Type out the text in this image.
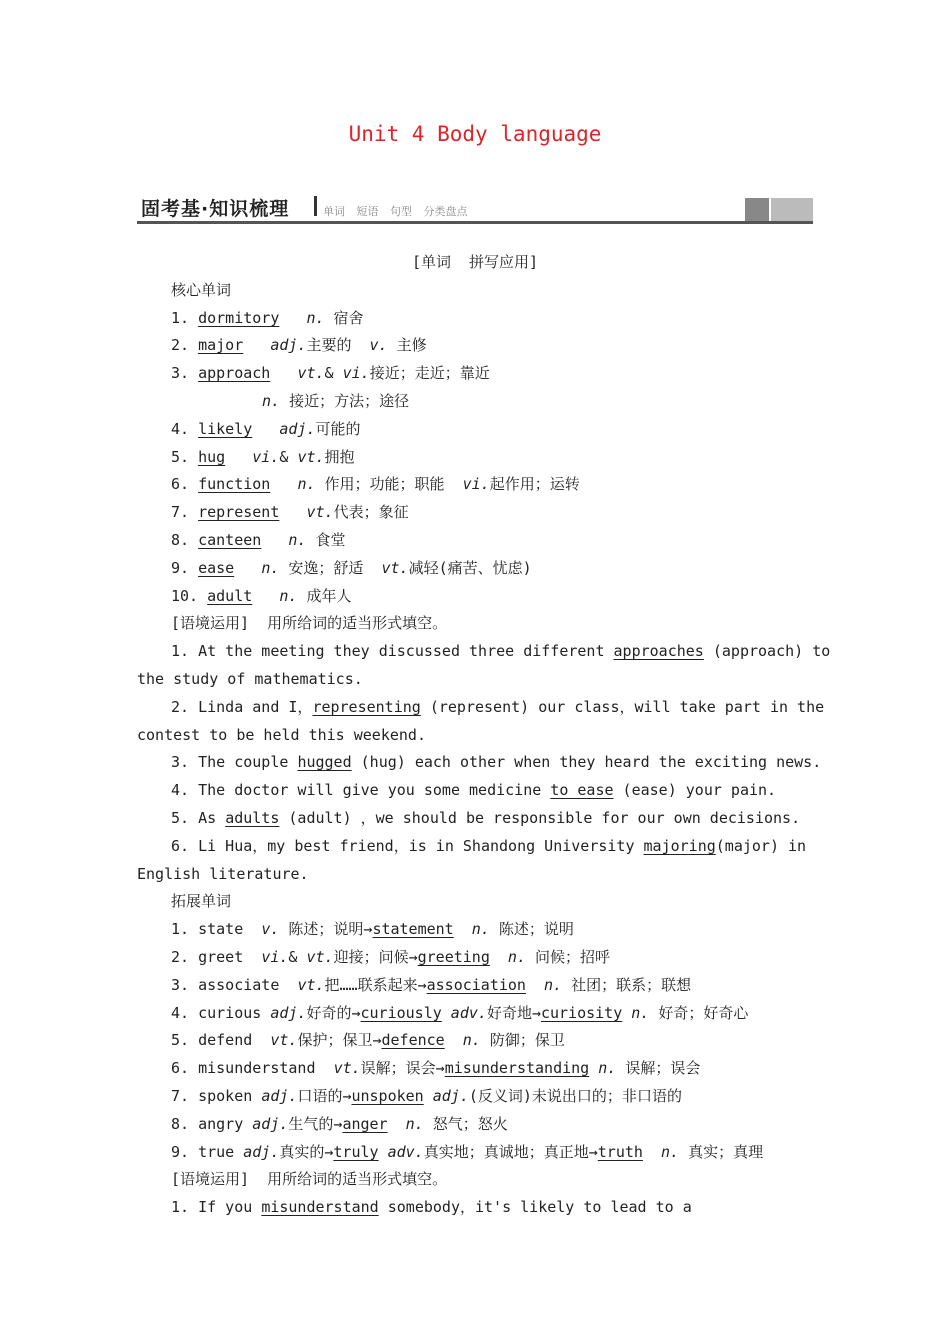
Unit 4 Body language
固考基·知识梳理	单词 短语 句型 分类盘点
[单词  拼写应用]
核心单词
1. dormitory n. 宿舍
2. major adj.主要的  v. 主修
3. approach vt.& vi.接近；走近；靠近
n. 接近；方法；途径
4. likely adj.可能的
5. hug vi.& vt.拥抱
6. function n. 作用；功能；职能  vi.起作用；运转
7. represent vt.代表；象征
8. canteen n. 食堂
9. ease n. 安逸；舒适  vt.减轻(痛苦、忧虑)
10. adult n. 成年人
[语境运用]  用所给词的适当形式填空。
1. At the meeting they discussed three different approaches (approach) to
the study of mathematics.
2. Linda and I，representing (represent) our class，will take part in the
contest to be held this weekend.
3. The couple hugged (hug) each other when they heard the exciting news.
4. The doctor will give you some medicine to ease (ease) your pain.
5. As adults (adult) ，we should be responsible for our own decisions.
6. Li Hua，my best friend，is in Shandong University majoring(major) in
English literature.
拓展单词
1. state  v. 陈述；说明→statement  n. 陈述；说明
2. greet  vi.& vt.迎接；问候→greeting  n. 问候；招呼
3. associate  vt.把……联系起来→association  n. 社团；联系；联想
4. curious adj.好奇的→curiously adv.好奇地→curiosity n. 好奇；好奇心
5. defend  vt.保护；保卫→defence  n. 防御；保卫
6. misunderstand  vt.误解；误会→misunderstanding n. 误解；误会
7. spoken adj.口语的→unspoken adj.(反义词)未说出口的；非口语的
8. angry adj.生气的→anger  n. 怒气；怒火
9. true adj.真实的→truly adv.真实地；真诚地；真正地→truth  n. 真实；真理
[语境运用]  用所给词的适当形式填空。
1. If you misunderstand somebody，it's likely to lead to a
